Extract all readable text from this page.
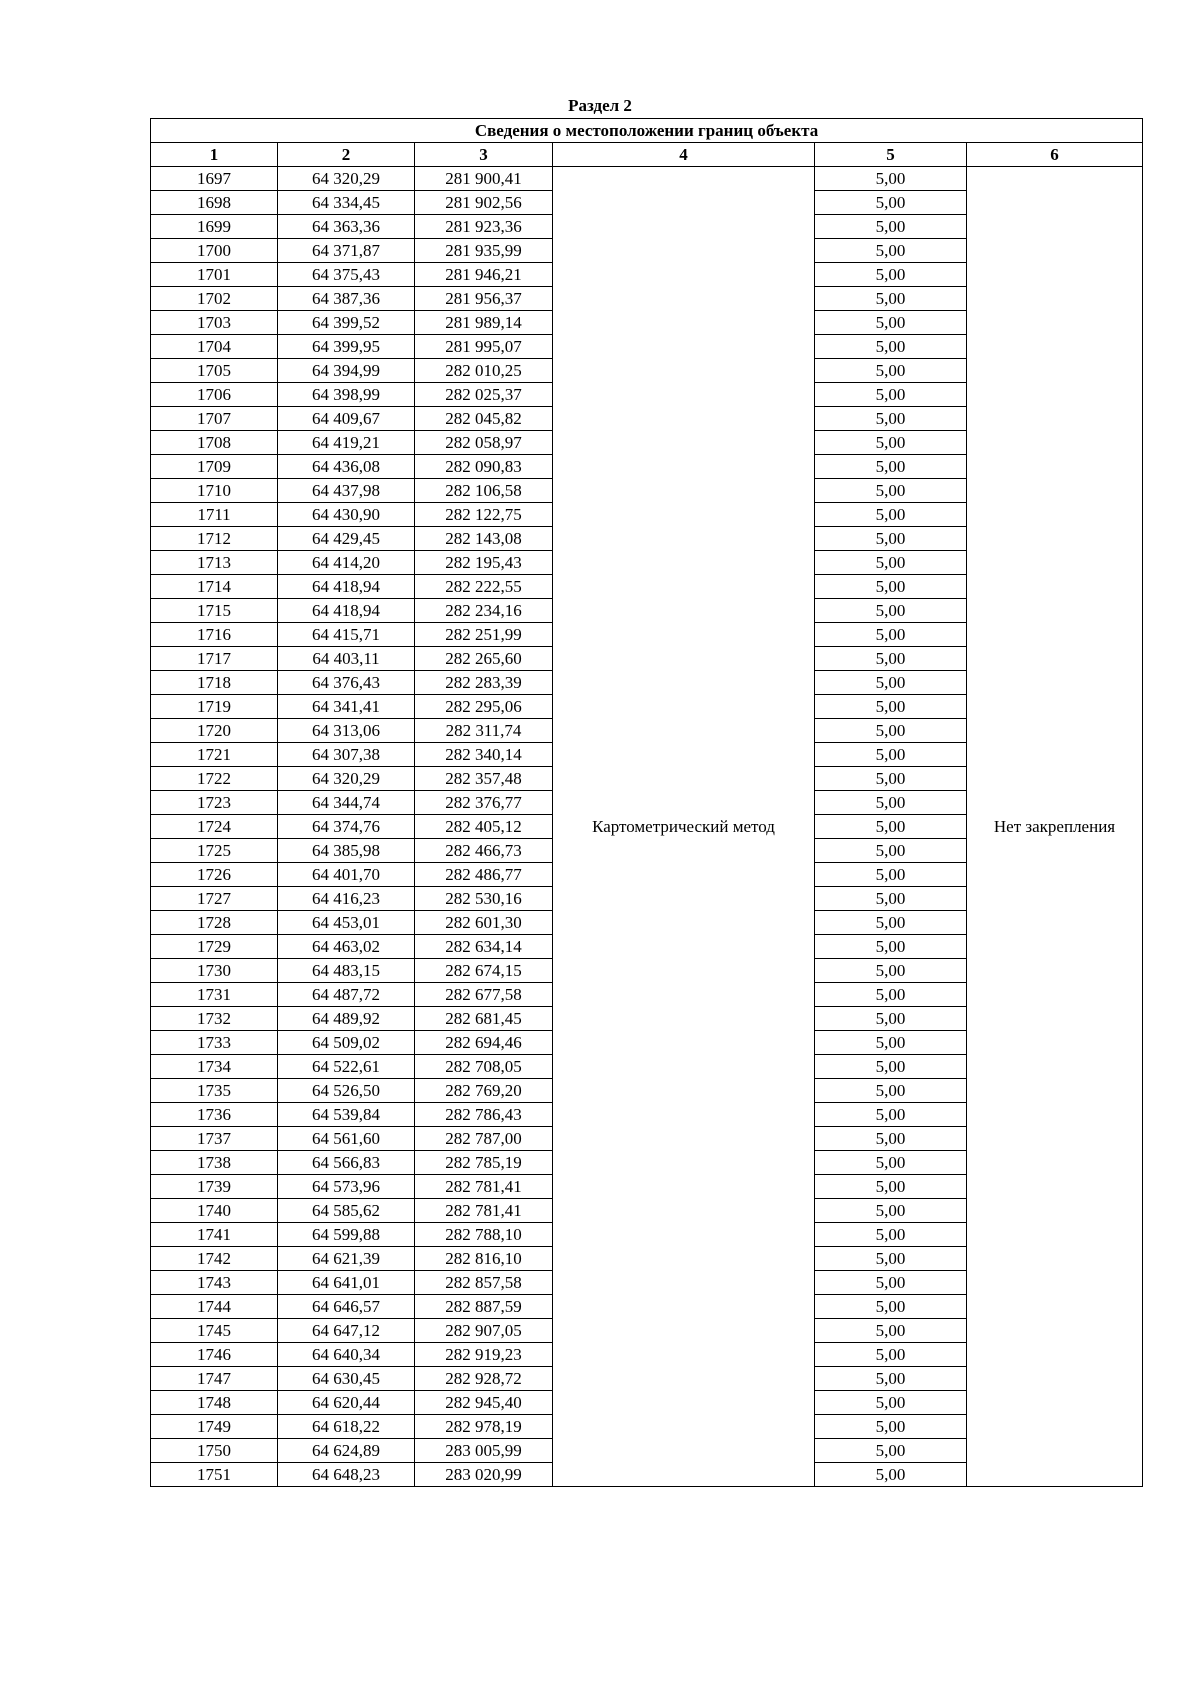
Раздел 2
Сведения о местоположении границ объекта					
1	2	3	4	5	6
1697	64 320,29	281 900,41	Картометрический метод	5,00	Нет закрепления
1698	64 334,45	281 902,56		5,00	
1699	64 363,36	281 923,36		5,00	
1700	64 371,87	281 935,99		5,00	
1701	64 375,43	281 946,21		5,00	
1702	64 387,36	281 956,37		5,00	
1703	64 399,52	281 989,14		5,00	
1704	64 399,95	281 995,07		5,00	
1705	64 394,99	282 010,25		5,00	
1706	64 398,99	282 025,37		5,00	
1707	64 409,67	282 045,82		5,00	
1708	64 419,21	282 058,97		5,00	
1709	64 436,08	282 090,83		5,00	
1710	64 437,98	282 106,58		5,00	
1711	64 430,90	282 122,75		5,00	
1712	64 429,45	282 143,08		5,00	
1713	64 414,20	282 195,43		5,00	
1714	64 418,94	282 222,55		5,00	
1715	64 418,94	282 234,16		5,00	
1716	64 415,71	282 251,99		5,00	
1717	64 403,11	282 265,60		5,00	
1718	64 376,43	282 283,39		5,00	
1719	64 341,41	282 295,06		5,00	
1720	64 313,06	282 311,74		5,00	
1721	64 307,38	282 340,14		5,00	
1722	64 320,29	282 357,48		5,00	
1723	64 344,74	282 376,77		5,00	
1724	64 374,76	282 405,12		5,00	
1725	64 385,98	282 466,73		5,00	
1726	64 401,70	282 486,77		5,00	
1727	64 416,23	282 530,16		5,00	
1728	64 453,01	282 601,30		5,00	
1729	64 463,02	282 634,14		5,00	
1730	64 483,15	282 674,15		5,00	
1731	64 487,72	282 677,58		5,00	
1732	64 489,92	282 681,45		5,00	
1733	64 509,02	282 694,46		5,00	
1734	64 522,61	282 708,05		5,00	
1735	64 526,50	282 769,20		5,00	
1736	64 539,84	282 786,43		5,00	
1737	64 561,60	282 787,00		5,00	
1738	64 566,83	282 785,19		5,00	
1739	64 573,96	282 781,41		5,00	
1740	64 585,62	282 781,41		5,00	
1741	64 599,88	282 788,10		5,00	
1742	64 621,39	282 816,10		5,00	
1743	64 641,01	282 857,58		5,00	
1744	64 646,57	282 887,59		5,00	
1745	64 647,12	282 907,05		5,00	
1746	64 640,34	282 919,23		5,00	
1747	64 630,45	282 928,72		5,00	
1748	64 620,44	282 945,40		5,00	
1749	64 618,22	282 978,19		5,00	
1750	64 624,89	283 005,99		5,00	
1751	64 648,23	283 020,99		5,00	
